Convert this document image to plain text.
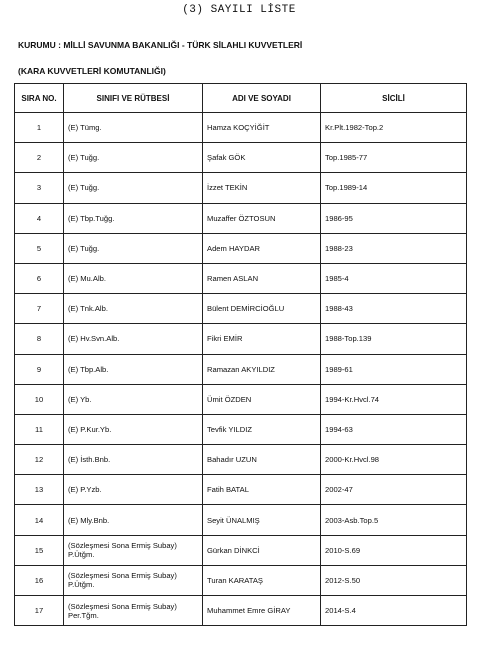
(3) SAYILI LİSTE
KURUMU : MİLLİ SAVUNMA BAKANLIĞI - TÜRK SİLAHLI KUVVETLERİ
(KARA KUVVETLERİ KOMUTANLIĞI)
SIRA NO.	SINIFI VE RÜTBESİ	ADI VE SOYADI	SİCİLİ
1	(E) Tümg.	Hamza KOÇYİĞİT	Kr.Plt.1982-Top.2
2	(E) Tuğg.	Şafak GÖK	Top.1985-77
3	(E) Tuğg.	İzzet TEKİN	Top.1989-14
4	(E) Tbp.Tuğg.	Muzaffer ÖZTOSUN	1986-95
5	(E) Tuğg.	Adem HAYDAR	1988-23
6	(E) Mu.Alb.	Ramen ASLAN	1985-4
7	(E) Tnk.Alb.	Bülent DEMİRCİOĞLU	1988-43
8	(E) Hv.Svn.Alb.	Fikri EMİR	1988-Top.139
9	(E) Tbp.Alb.	Ramazan AKYILDIZ	1989-61
10	(E) Yb.	Ümit ÖZDEN	1994-Kr.Hvcl.74
11	(E) P.Kur.Yb.	Tevfik YILDIZ	1994-63
12	(E) İsth.Bnb.	Bahadır UZUN	2000-Kr.Hvcl.98
13	(E) P.Yzb.	Fatih BATAL	2002-47
14	(E) Mly.Bnb.	Seyit ÜNALMIŞ	2003-Asb.Top.5
15	(Sözleşmesi Sona Ermiş Subay)
P.Ütğm.	Gürkan DİNKCİ	2010-S.69
16	(Sözleşmesi Sona Ermiş Subay)
P.Ütğm.	Turan KARATAŞ	2012-S.50
17	(Sözleşmesi Sona Ermiş Subay)
Per.Tğm.	Muhammet Emre GİRAY	2014-S.4
